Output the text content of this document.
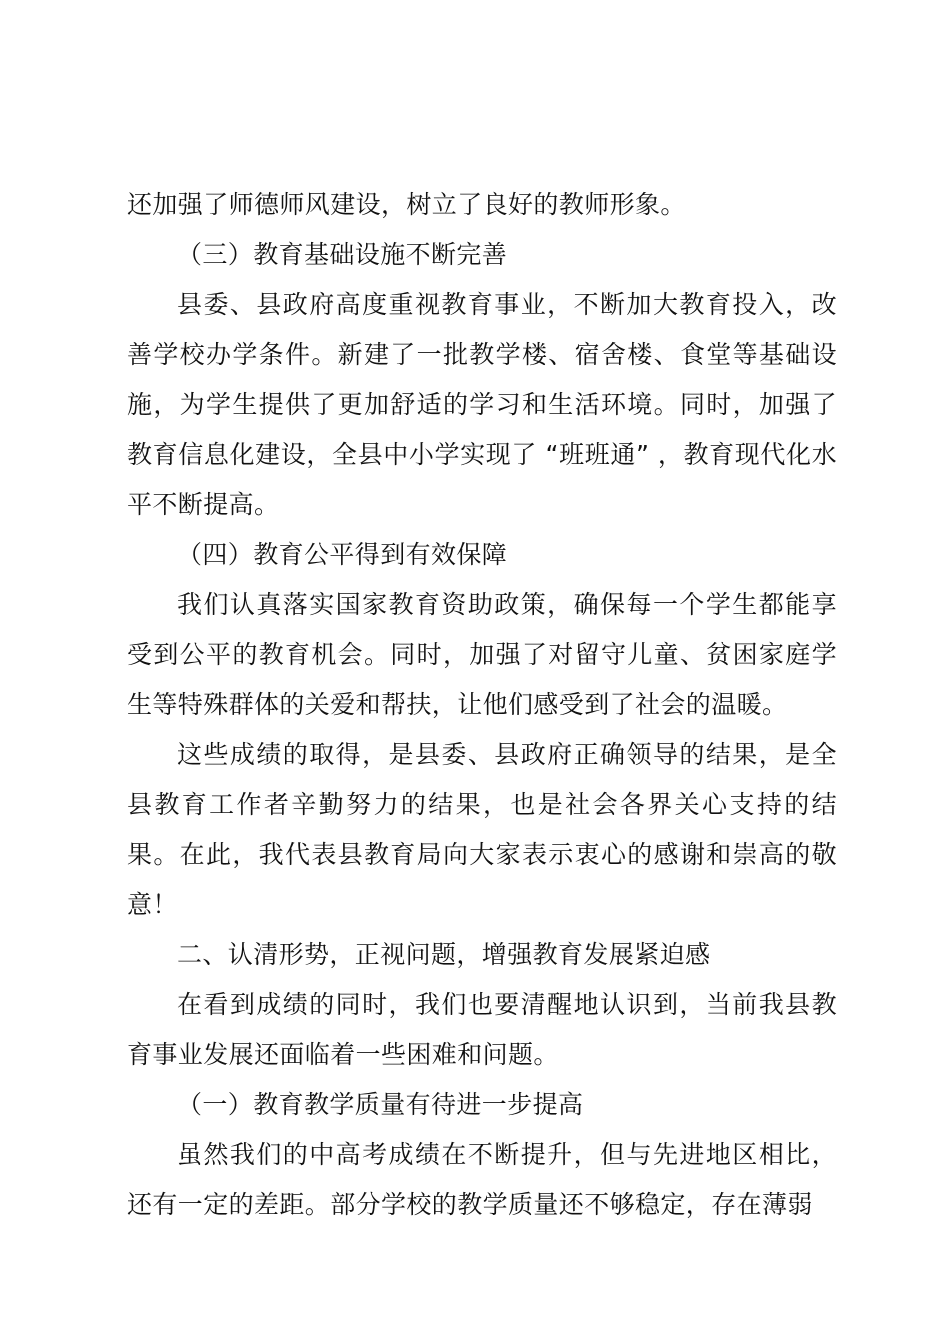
还加强了师德师风建设，树立了良好的教师形象。

（三）教育基础设施不断完善

县委、县政府高度重视教育事业，不断加大教育投入，改善学校办学条件。新建了一批教学楼、宿舍楼、食堂等基础设施，为学生提供了更加舒适的学习和生活环境。同时，加强了教育信息化建设，全县中小学实现了 “班班通” ，教育现代化水平不断提高。

（四）教育公平得到有效保障

我们认真落实国家教育资助政策，确保每一个学生都能享受到公平的教育机会。同时，加强了对留守儿童、贫困家庭学生等特殊群体的关爱和帮扶，让他们感受到了社会的温暖。

这些成绩的取得，是县委、县政府正确领导的结果，是全县教育工作者辛勤努力的结果，也是社会各界关心支持的结果。在此，我代表县教育局向大家表示衷心的感谢和崇高的敬意！

二、认清形势，正视问题，增强教育发展紧迫感

在看到成绩的同时，我们也要清醒地认识到，当前我县教育事业发展还面临着一些困难和问题。

（一）教育教学质量有待进一步提高

虽然我们的中高考成绩在不断提升，但与先进地区相比，还有一定的差距。部分学校的教学质量还不够稳定，存在薄弱
